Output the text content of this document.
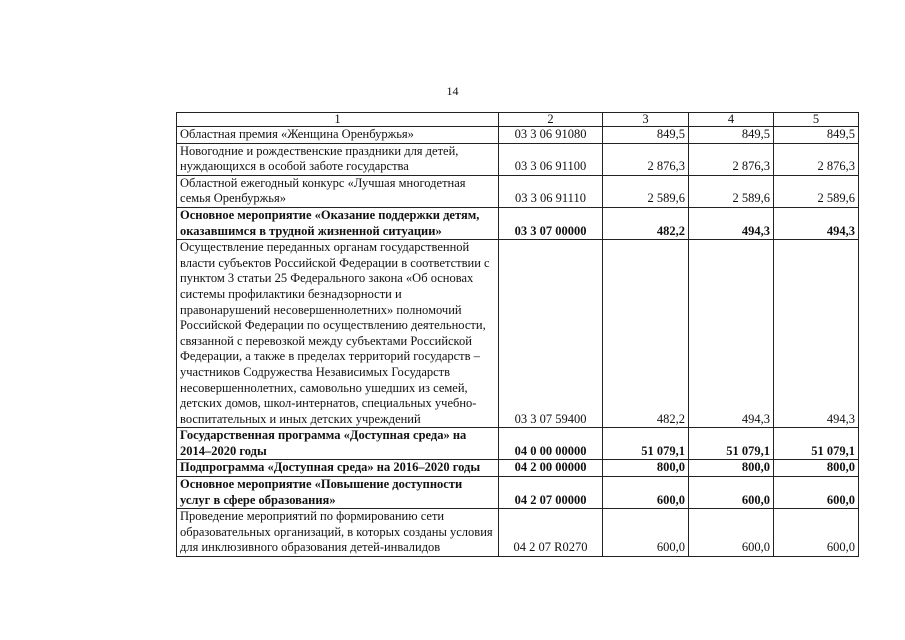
14
1	2	3	4	5
Областная премия «Женщина Оренбуржья»	03 3 06 91080	849,5	849,5	849,5
Новогодние и рождественские праздники для детей, нуждающихся в особой заботе государства	03 3 06 91100	2 876,3	2 876,3	2 876,3
Областной ежегодный конкурс «Лучшая многодетная семья Оренбуржья»	03 3 06 91110	2 589,6	2 589,6	2 589,6
Основное мероприятие «Оказание поддержки детям, оказавшимся в трудной жизненной ситуации»	03 3 07 00000	482,2	494,3	494,3
Осуществление переданных органам государственной власти субъектов Российской Федерации в соответствии с пунктом 3 статьи 25 Федерального закона «Об основах системы профилактики безнадзорности и правонарушений несовершеннолетних» полномочий Российской Федерации по осуществлению деятельности, связанной с перевозкой между субъектами Российской Федерации, а также в пределах территорий государств – участников Содружества Независимых Государств несовершеннолетних, самовольно ушедших из семей, детских домов, школ-интернатов, специальных учебно-воспитательных и иных детских учреждений	03 3 07 59400	482,2	494,3	494,3
Государственная программа «Доступная среда» на 2014–2020 годы	04 0 00 00000	51 079,1	51 079,1	51 079,1
Подпрограмма «Доступная среда» на 2016–2020 годы	04 2 00 00000	800,0	800,0	800,0
Основное мероприятие «Повышение доступности услуг в сфере образования»	04 2 07 00000	600,0	600,0	600,0
Проведение мероприятий по формированию сети образовательных организаций, в которых созданы условия для инклюзивного образования детей-инвалидов	04 2 07 R0270	600,0	600,0	600,0
